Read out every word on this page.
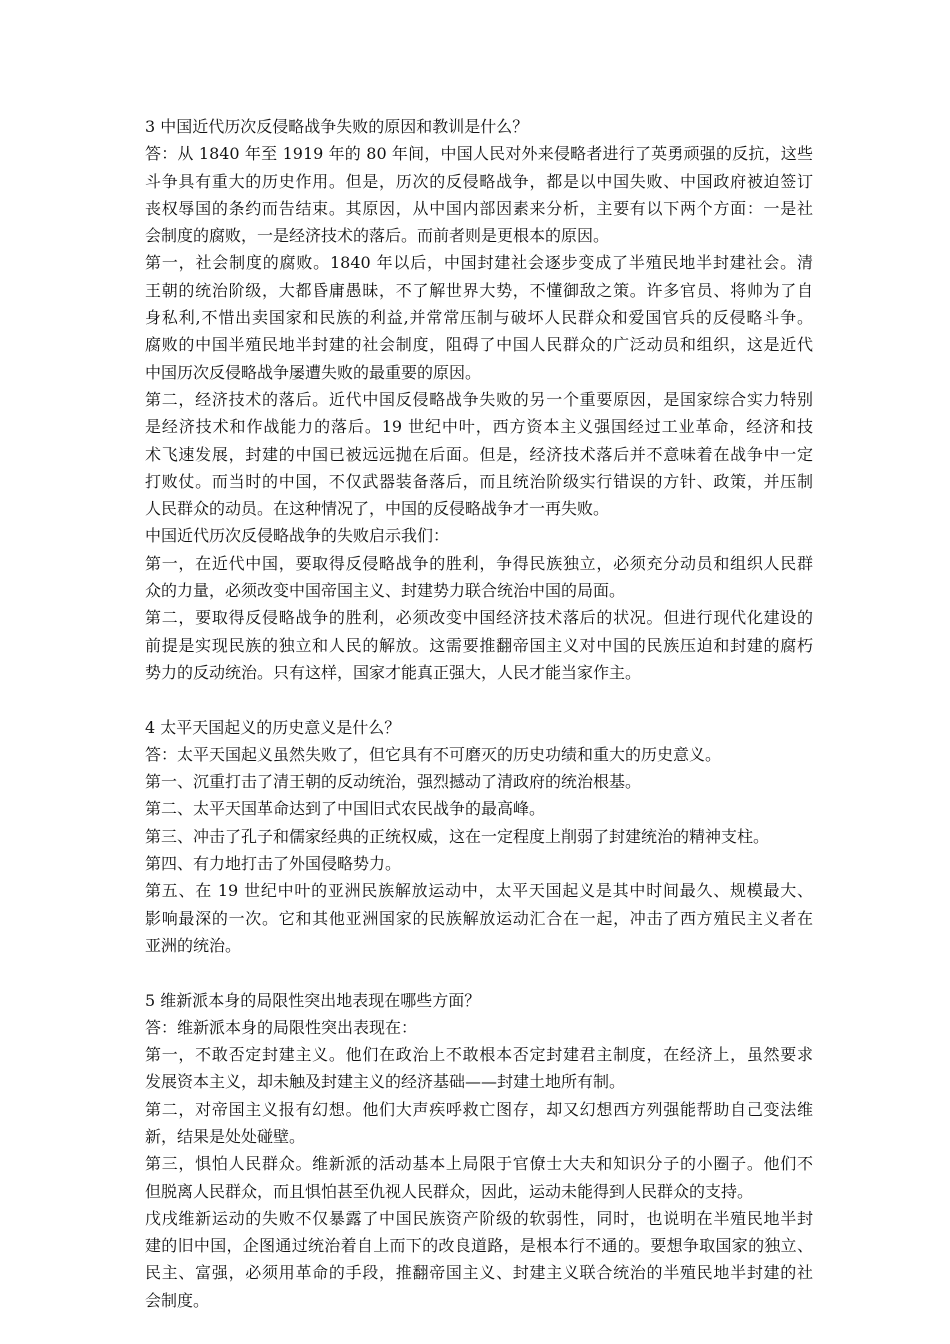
3 中国近代历次反侵略战争失败的原因和教训是什么？
答：从 1840 年至 1919 年的 80 年间，中国人民对外来侵略者进行了英勇顽强的反抗，这些
斗争具有重大的历史作用。但是，历次的反侵略战争，都是以中国失败、中国政府被迫签订
丧权辱国的条约而告结束。其原因，从中国内部因素来分析，主要有以下两个方面：一是社
会制度的腐败，一是经济技术的落后。而前者则是更根本的原因。
第一，社会制度的腐败。1840 年以后，中国封建社会逐步变成了半殖民地半封建社会。清
王朝的统治阶级，大都昏庸愚昧，不了解世界大势，不懂御敌之策。许多官员、将帅为了自
身私利,不惜出卖国家和民族的利益,并常常压制与破坏人民群众和爱国官兵的反侵略斗争。
腐败的中国半殖民地半封建的社会制度，阻碍了中国人民群众的广泛动员和组织，这是近代
中国历次反侵略战争屡遭失败的最重要的原因。
第二，经济技术的落后。近代中国反侵略战争失败的另一个重要原因，是国家综合实力特别
是经济技术和作战能力的落后。19 世纪中叶，西方资本主义强国经过工业革命，经济和技
术飞速发展，封建的中国已被远远抛在后面。但是，经济技术落后并不意味着在战争中一定
打败仗。而当时的中国，不仅武器装备落后，而且统治阶级实行错误的方针、政策，并压制
人民群众的动员。在这种情况了，中国的反侵略战争才一再失败。
中国近代历次反侵略战争的失败启示我们：
第一，在近代中国，要取得反侵略战争的胜利，争得民族独立，必须充分动员和组织人民群
众的力量，必须改变中国帝国主义、封建势力联合统治中国的局面。
第二，要取得反侵略战争的胜利，必须改变中国经济技术落后的状况。但进行现代化建设的
前提是实现民族的独立和人民的解放。这需要推翻帝国主义对中国的民族压迫和封建的腐朽
势力的反动统治。只有这样，国家才能真正强大，人民才能当家作主。
4 太平天国起义的历史意义是什么？
答：太平天国起义虽然失败了，但它具有不可磨灭的历史功绩和重大的历史意义。
第一、沉重打击了清王朝的反动统治，强烈撼动了清政府的统治根基。
第二、太平天国革命达到了中国旧式农民战争的最高峰。
第三、冲击了孔子和儒家经典的正统权威，这在一定程度上削弱了封建统治的精神支柱。
第四、有力地打击了外国侵略势力。
第五、在 19 世纪中叶的亚洲民族解放运动中，太平天国起义是其中时间最久、规模最大、
影响最深的一次。它和其他亚洲国家的民族解放运动汇合在一起，冲击了西方殖民主义者在
亚洲的统治。
5 维新派本身的局限性突出地表现在哪些方面？
答：维新派本身的局限性突出表现在：
第一，不敢否定封建主义。他们在政治上不敢根本否定封建君主制度，在经济上，虽然要求
发展资本主义，却未触及封建主义的经济基础——封建土地所有制。
第二，对帝国主义报有幻想。他们大声疾呼救亡图存，却又幻想西方列强能帮助自己变法维
新，结果是处处碰壁。
第三，惧怕人民群众。维新派的活动基本上局限于官僚士大夫和知识分子的小圈子。他们不
但脱离人民群众，而且惧怕甚至仇视人民群众，因此，运动未能得到人民群众的支持。
戊戌维新运动的失败不仅暴露了中国民族资产阶级的软弱性，同时，也说明在半殖民地半封
建的旧中国，企图通过统治着自上而下的改良道路，是根本行不通的。要想争取国家的独立、
民主、富强，必须用革命的手段，推翻帝国主义、封建主义联合统治的半殖民地半封建的社
会制度。
